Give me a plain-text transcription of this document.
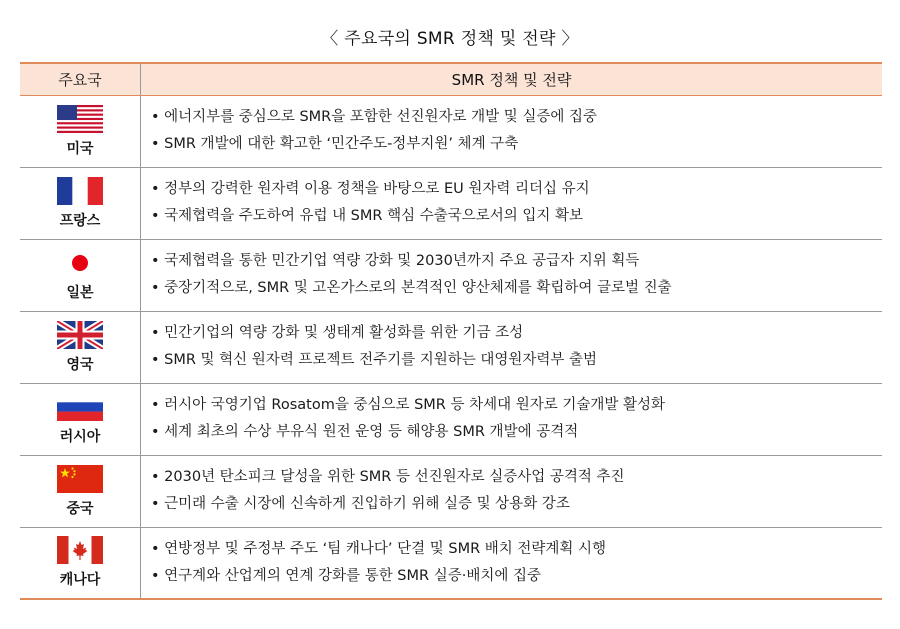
〈 주요국의 SMR 정책 및 전략 〉
주요국	SMR 정책 및 전략

미국	• 에너지부를 중심으로 SMR을 포함한 선진원자로 개발 및 실증에 집중
• SMR 개발에 대한 확고한 ‘민간주도-정부지원’ 체계 구축

프랑스	• 정부의 강력한 원자력 이용 정책을 바탕으로 EU 원자력 리더십 유지
• 국제협력을 주도하여 유럽 내 SMR 핵심 수출국으로서의 입지 확보

일본	• 국제협력을 통한 민간기업 역량 강화 및 2030년까지 주요 공급자 지위 획득
• 중장기적으로, SMR 및 고온가스로의 본격적인 양산체제를 확립하여 글로벌 진출

영국	• 민간기업의 역량 강화 및 생태계 활성화를 위한 기금 조성
• SMR 및 혁신 원자력 프로젝트 전주기를 지원하는 대영원자력부 출범

러시아	• 러시아 국영기업 Rosatom을 중심으로 SMR 등 차세대 원자로 기술개발 활성화
• 세계 최초의 수상 부유식 원전 운영 등 해양용 SMR 개발에 공격적

중국	• 2030년 탄소피크 달성을 위한 SMR 등 선진원자로 실증사업 공격적 추진
• 근미래 수출 시장에 신속하게 진입하기 위해 실증 및 상용화 강조

캐나다	• 연방정부 및 주정부 주도 ‘팀 캐나다’ 단결 및 SMR 배치 전략계획 시행
• 연구계와 산업계의 연계 강화를 통한 SMR 실증·배치에 집중
